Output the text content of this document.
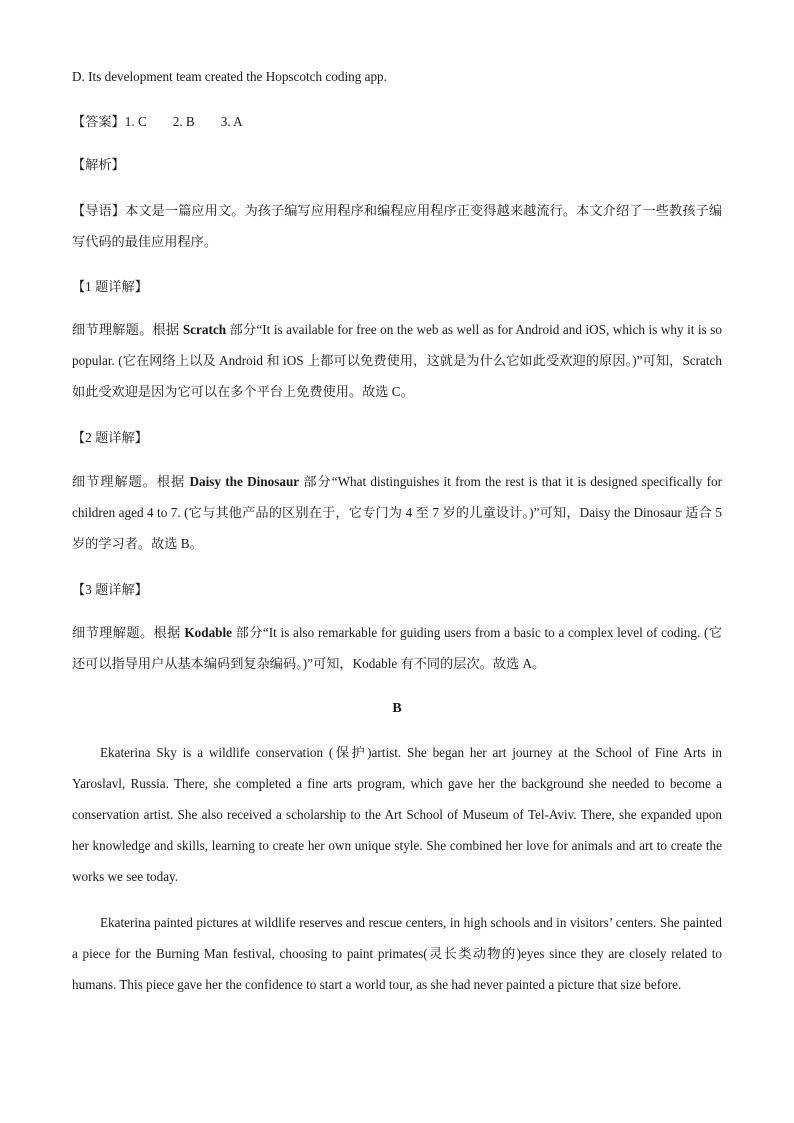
D. Its development team created the Hopscotch coding app.
【答案】1. C 2. B 3. A
【解析】
【导语】本文是一篇应用文。为孩子编写应用程序和编程应用程序正变得越来越流行。本文介绍了一些教孩子编写代码的最佳应用程序。
【1 题详解】
细节理解题。根据 Scratch 部分“It is available for free on the web as well as for Android and iOS, which is why it is so popular. (它在网络上以及 Android 和 iOS 上都可以免费使用，这就是为什么它如此受欢迎的原因。)”可知，Scratch 如此受欢迎是因为它可以在多个平台上免费使用。故选 C。
【2 题详解】
细节理解题。根据 Daisy the Dinosaur 部分“What distinguishes it from the rest is that it is designed specifically for children aged 4 to 7. (它与其他产品的区别在于，它专门为 4 至 7 岁的儿童设计。)”可知，Daisy the Dinosaur 适合 5 岁的学习者。故选 B。
【3 题详解】
细节理解题。根据 Kodable 部分“It is also remarkable for guiding users from a basic to a complex level of coding. (它还可以指导用户从基本编码到复杂编码。)”可知，Kodable 有不同的层次。故选 A。
B
Ekaterina Sky is a wildlife conservation (保护)artist. She began her art journey at the School of Fine Arts in Yaroslavl, Russia. There, she completed a fine arts program, which gave her the background she needed to become a conservation artist. She also received a scholarship to the Art School of Museum of Tel-Aviv. There, she expanded upon her knowledge and skills, learning to create her own unique style. She combined her love for animals and art to create the works we see today.
Ekaterina painted pictures at wildlife reserves and rescue centers, in high schools and in visitors’ centers. She painted a piece for the Burning Man festival, choosing to paint primates(灵长类动物的)eyes since they are closely related to humans. This piece gave her the confidence to start a world tour, as she had never painted a picture that size before.
